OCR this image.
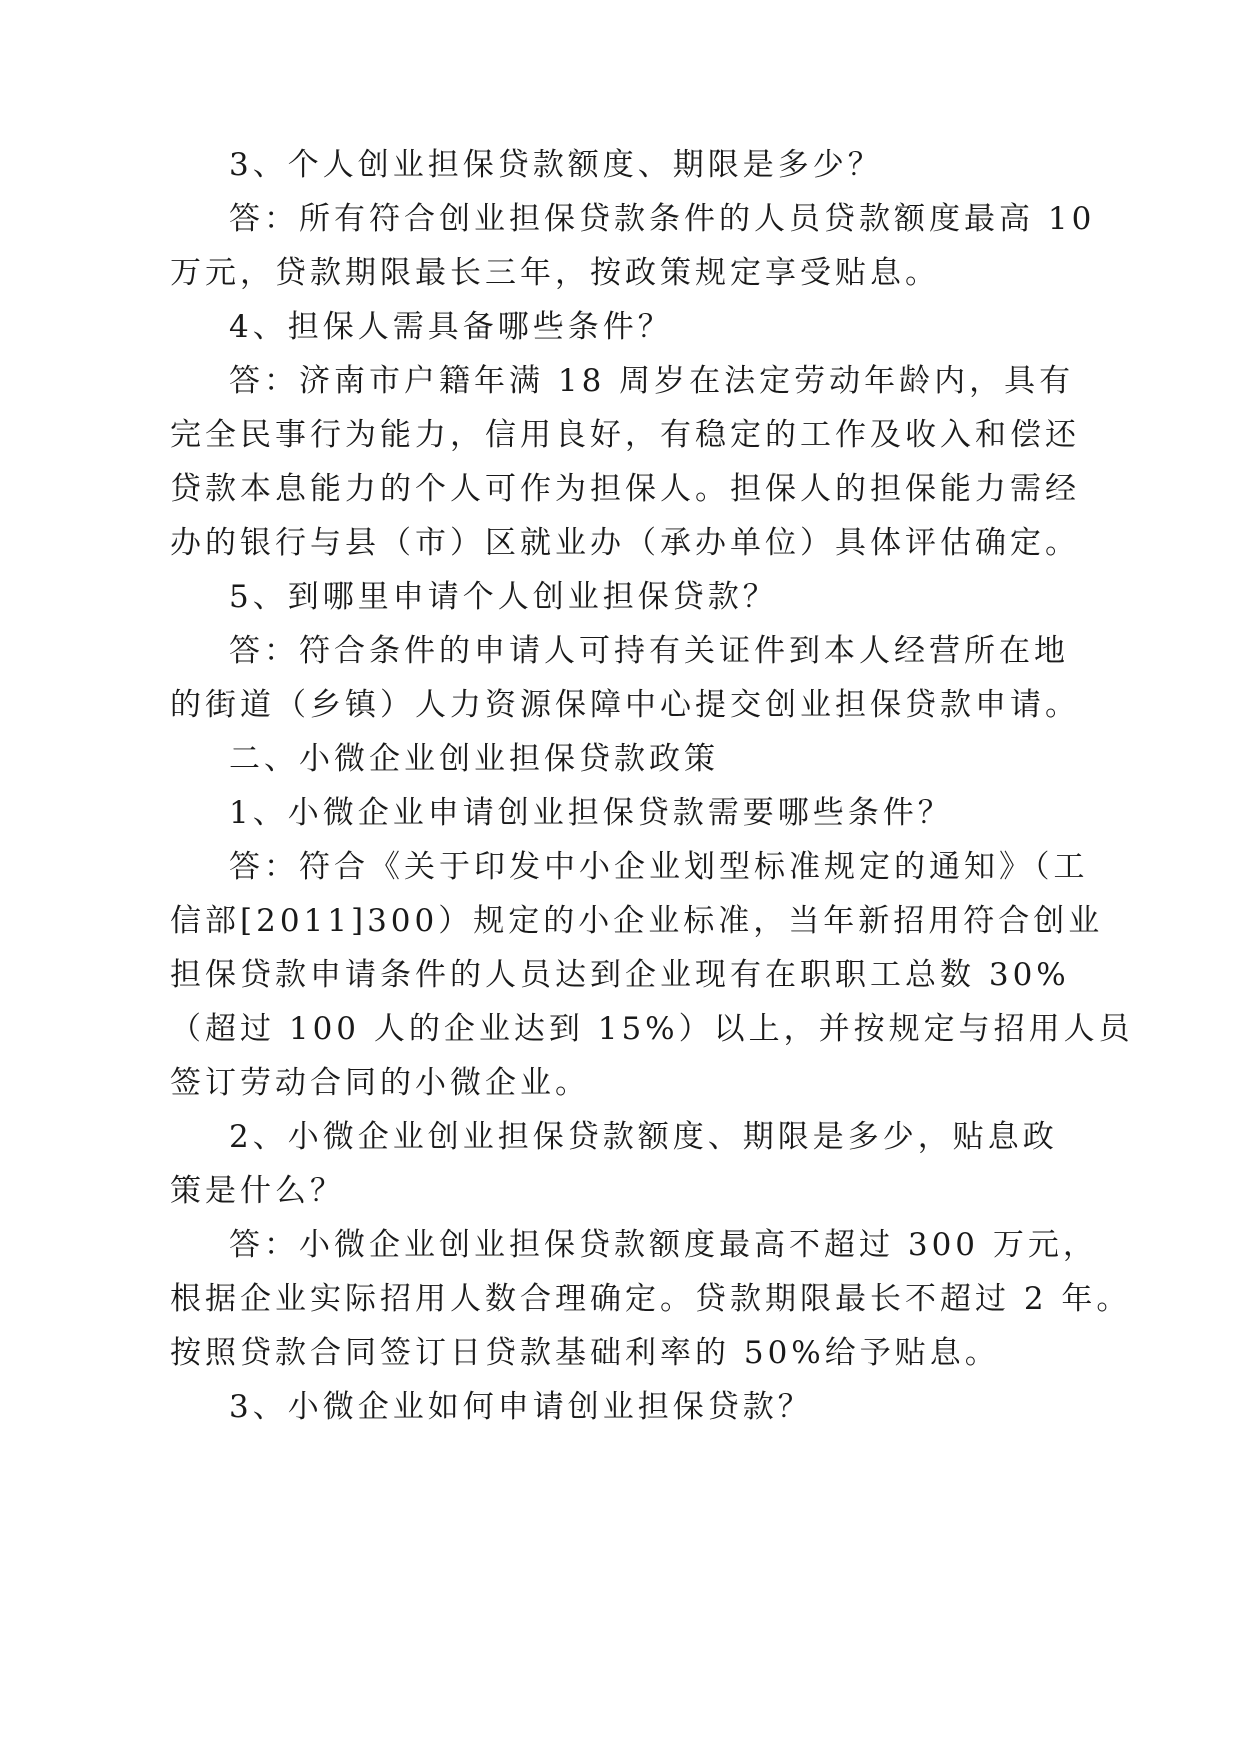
3、个人创业担保贷款额度、期限是多少？
答：所有符合创业担保贷款条件的人员贷款额度最高 10
万元，贷款期限最长三年，按政策规定享受贴息。
4、担保人需具备哪些条件？
答：济南市户籍年满 18 周岁在法定劳动年龄内，具有
完全民事行为能力，信用良好，有稳定的工作及收入和偿还
贷款本息能力的个人可作为担保人。担保人的担保能力需经
办的银行与县（市）区就业办（承办单位）具体评估确定。
5、到哪里申请个人创业担保贷款？
答：符合条件的申请人可持有关证件到本人经营所在地
的街道（乡镇）人力资源保障中心提交创业担保贷款申请。
二、小微企业创业担保贷款政策
1、小微企业申请创业担保贷款需要哪些条件？
答：符合《关于印发中小企业划型标准规定的通知》（工
信部[2011]300）规定的小企业标准，当年新招用符合创业
担保贷款申请条件的人员达到企业现有在职职工总数 30%
（超过 100 人的企业达到 15%）以上，并按规定与招用人员
签订劳动合同的小微企业。
2、小微企业创业担保贷款额度、期限是多少，贴息政
策是什么？
答：小微企业创业担保贷款额度最高不超过 300 万元，
根据企业实际招用人数合理确定。贷款期限最长不超过 2 年。
按照贷款合同签订日贷款基础利率的 50%给予贴息。
3、小微企业如何申请创业担保贷款？
